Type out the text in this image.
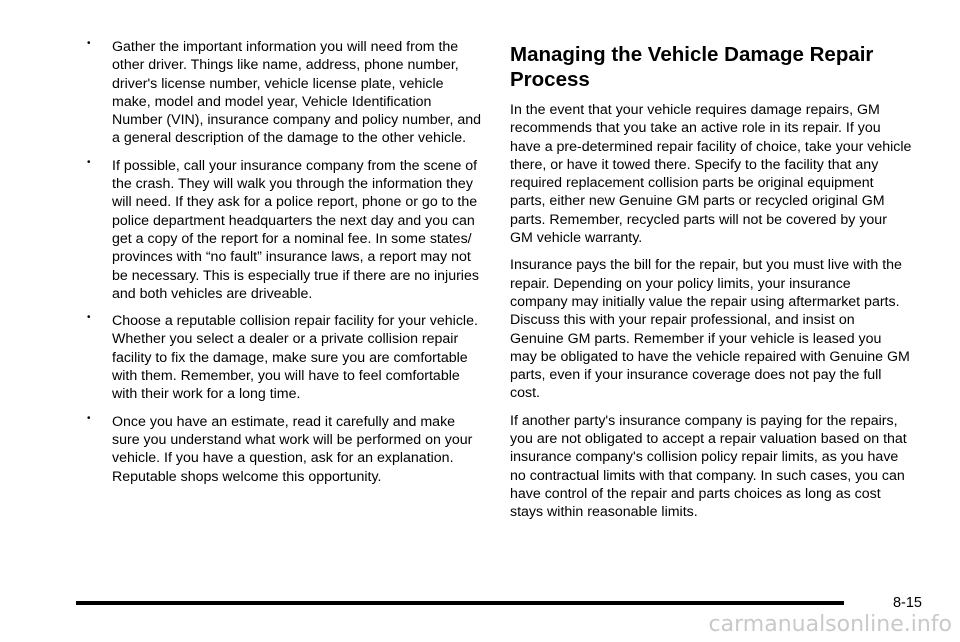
• Gather the important information you will need from the other driver. Things like name, address, phone number, driver's license number, vehicle license plate, vehicle make, model and model year, Vehicle Identification Number (VIN), insurance company and policy number, and a general description of the damage to the other vehicle.
• If possible, call your insurance company from the scene of the crash. They will walk you through the information they will need. If they ask for a police report, phone or go to the police department headquarters the next day and you can get a copy of the report for a nominal fee. In some states/ provinces with “no fault” insurance laws, a report may not be necessary. This is especially true if there are no injuries and both vehicles are driveable.
• Choose a reputable collision repair facility for your vehicle. Whether you select a dealer or a private collision repair facility to fix the damage, make sure you are comfortable with them. Remember, you will have to feel comfortable with their work for a long time.
• Once you have an estimate, read it carefully and make sure you understand what work will be performed on your vehicle. If you have a question, ask for an explanation. Reputable shops welcome this opportunity.
Managing the Vehicle Damage Repair Process

In the event that your vehicle requires damage repairs, GM recommends that you take an active role in its repair. If you have a pre-determined repair facility of choice, take your vehicle there, or have it towed there. Specify to the facility that any required replacement collision parts be original equipment parts, either new Genuine GM parts or recycled original GM parts. Remember, recycled parts will not be covered by your GM vehicle warranty.

Insurance pays the bill for the repair, but you must live with the repair. Depending on your policy limits, your insurance company may initially value the repair using aftermarket parts. Discuss this with your repair professional, and insist on Genuine GM parts. Remember if your vehicle is leased you may be obligated to have the vehicle repaired with Genuine GM parts, even if your insurance coverage does not pay the full cost.

If another party's insurance company is paying for the repairs, you are not obligated to accept a repair valuation based on that insurance company's collision policy repair limits, as you have no contractual limits with that company. In such cases, you can have control of the repair and parts choices as long as cost stays within reasonable limits.

8-15
carmanualsonline.info
